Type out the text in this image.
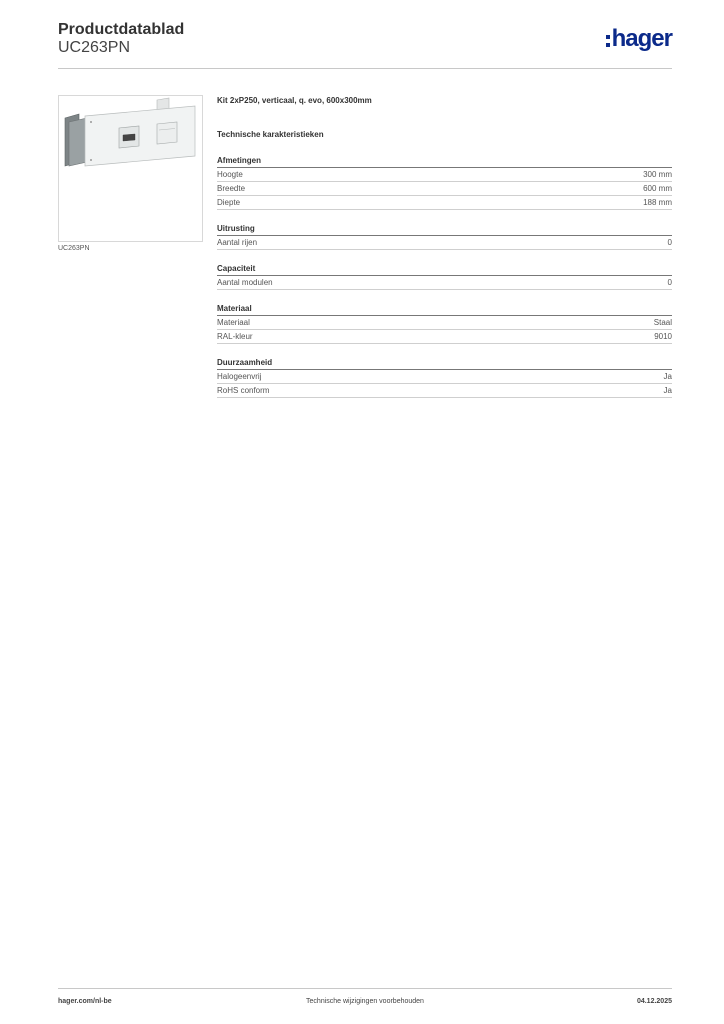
Productdatablad
UC263PN	hager
UC263PN
Kit 2xP250, verticaal, q. evo, 600x300mm
Technische karakteristieken
Afmetingen
Hoogte	300 mm
Breedte	600 mm
Diepte	188 mm
Uitrusting
Aantal rijen	0
Capaciteit
Aantal modulen	0
Materiaal
Materiaal	Staal
RAL-kleur	9010
Duurzaamheid
Halogeenvrij	Ja
RoHS conform	Ja
hager.com/nl-be	Technische wijzigingen voorbehouden	04.12.2025
